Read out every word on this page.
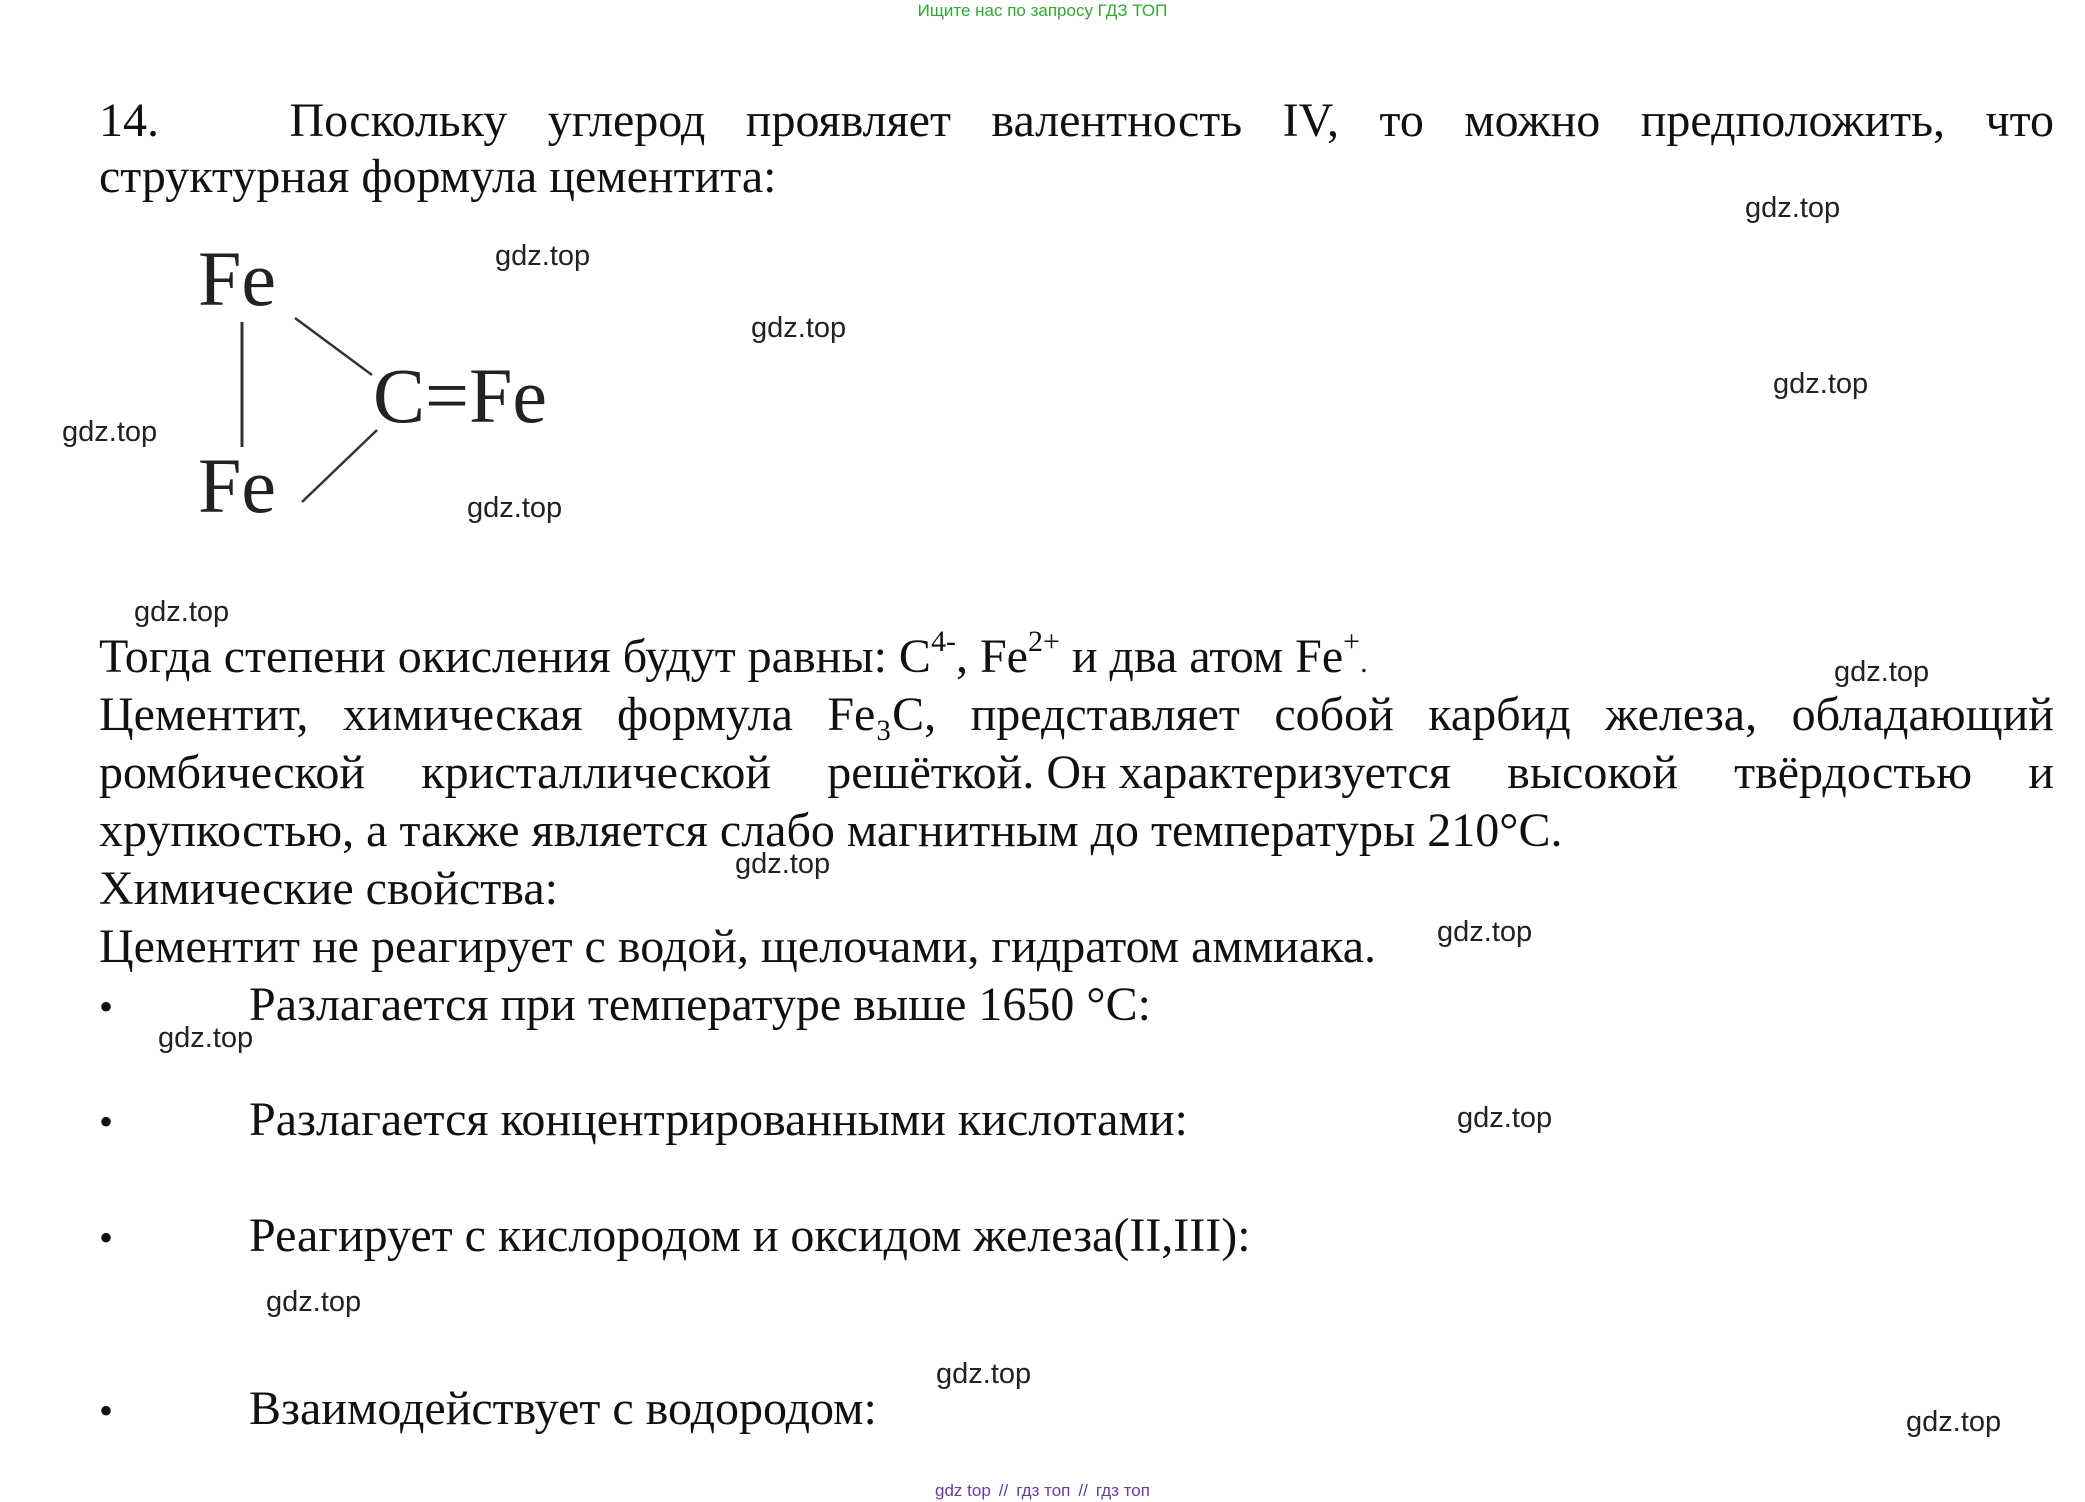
Ищите нас по запросу ГДЗ ТОП
14.	Поскольку углерод проявляет валентность IV, то можно предположить, что
структурная формула цементита:
Fe
Fe
C=Fe
Тогда степени окисления будут равны: $C^{4-}$, $Fe^{2+}$ и два атом Fe+.
Цементит, химическая формула Fe₃C, представляет собой карбид железа, обладающий
ромбической кристаллической решёткой. Он характеризуется высокой твёрдостью и
хрупкостью, а также является слабо магнитным до температуры 210°C.
Химические свойства:
Цементит не реагирует с водой, щелочами, гидратом аммиака.
•	Разлагается при температуре выше 1650 °С:
•	Разлагается концентрированными кислотами:
•	Реагирует с кислородом и оксидом железа(II,III):
•	Взаимодействует с водородом:
gdz.top
gdz.top
gdz.top
gdz.top
gdz.top
gdz.top
gdz.top
gdz.top
gdz.top
gdz.top
gdz.top
gdz.top
gdz.top
gdz.top
gdz.top
gdz top // гдз топ // гдз топ
